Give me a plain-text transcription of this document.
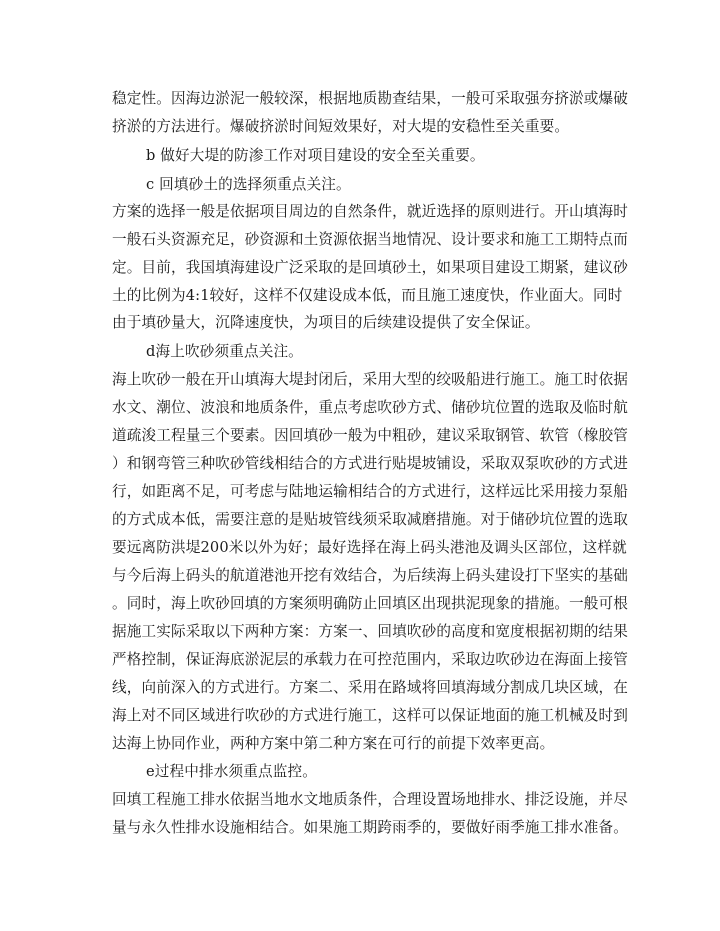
稳定性。因海边淤泥一般较深，根据地质勘查结果，一般可采取强夯挤淤或爆破
挤淤的方法进行。爆破挤淤时间短效果好，对大堤的安稳性至关重要。
b 做好大堤的防渗工作对项目建设的安全至关重要。
c 回填砂土的选择须重点关注。
方案的选择一般是依据项目周边的自然条件，就近选择的原则进行。开山填海时
一般石头资源充足，砂资源和土资源依据当地情况、设计要求和施工工期特点而
定。目前，我国填海建设广泛采取的是回填砂土，如果项目建设工期紧，建议砂
土的比例为4:1较好，这样不仅建设成本低，而且施工速度快，作业面大。同时
由于填砂量大，沉降速度快，为项目的后续建设提供了安全保证。
d海上吹砂须重点关注。
海上吹砂一般在开山填海大堤封闭后，采用大型的绞吸船进行施工。施工时依据
水文、潮位、波浪和地质条件，重点考虑吹砂方式、储砂坑位置的选取及临时航
道疏浚工程量三个要素。因回填砂一般为中粗砂，建议采取钢管、软管（橡胶管
）和钢弯管三种吹砂管线相结合的方式进行贴堤坡铺设，采取双泵吹砂的方式进
行，如距离不足，可考虑与陆地运输相结合的方式进行，这样远比采用接力泵船
的方式成本低，需要注意的是贴坡管线须采取减磨措施。对于储砂坑位置的选取
要远离防洪堤200米以外为好；最好选择在海上码头港池及调头区部位，这样就
与今后海上码头的航道港池开挖有效结合，为后续海上码头建设打下坚实的基础
。同时，海上吹砂回填的方案须明确防止回填区出现拱泥现象的措施。一般可根
据施工实际采取以下两种方案：方案一、回填吹砂的高度和宽度根据初期的结果
严格控制，保证海底淤泥层的承载力在可控范围内，采取边吹砂边在海面上接管
线，向前深入的方式进行。方案二、采用在路域将回填海域分割成几块区域，在
海上对不同区域进行吹砂的方式进行施工，这样可以保证地面的施工机械及时到
达海上协同作业，两种方案中第二种方案在可行的前提下效率更高。
e过程中排水须重点监控。
回填工程施工排水依据当地水文地质条件，合理设置场地排水、排泛设施，并尽
量与永久性排水设施相结合。如果施工期跨雨季的，要做好雨季施工排水准备。
